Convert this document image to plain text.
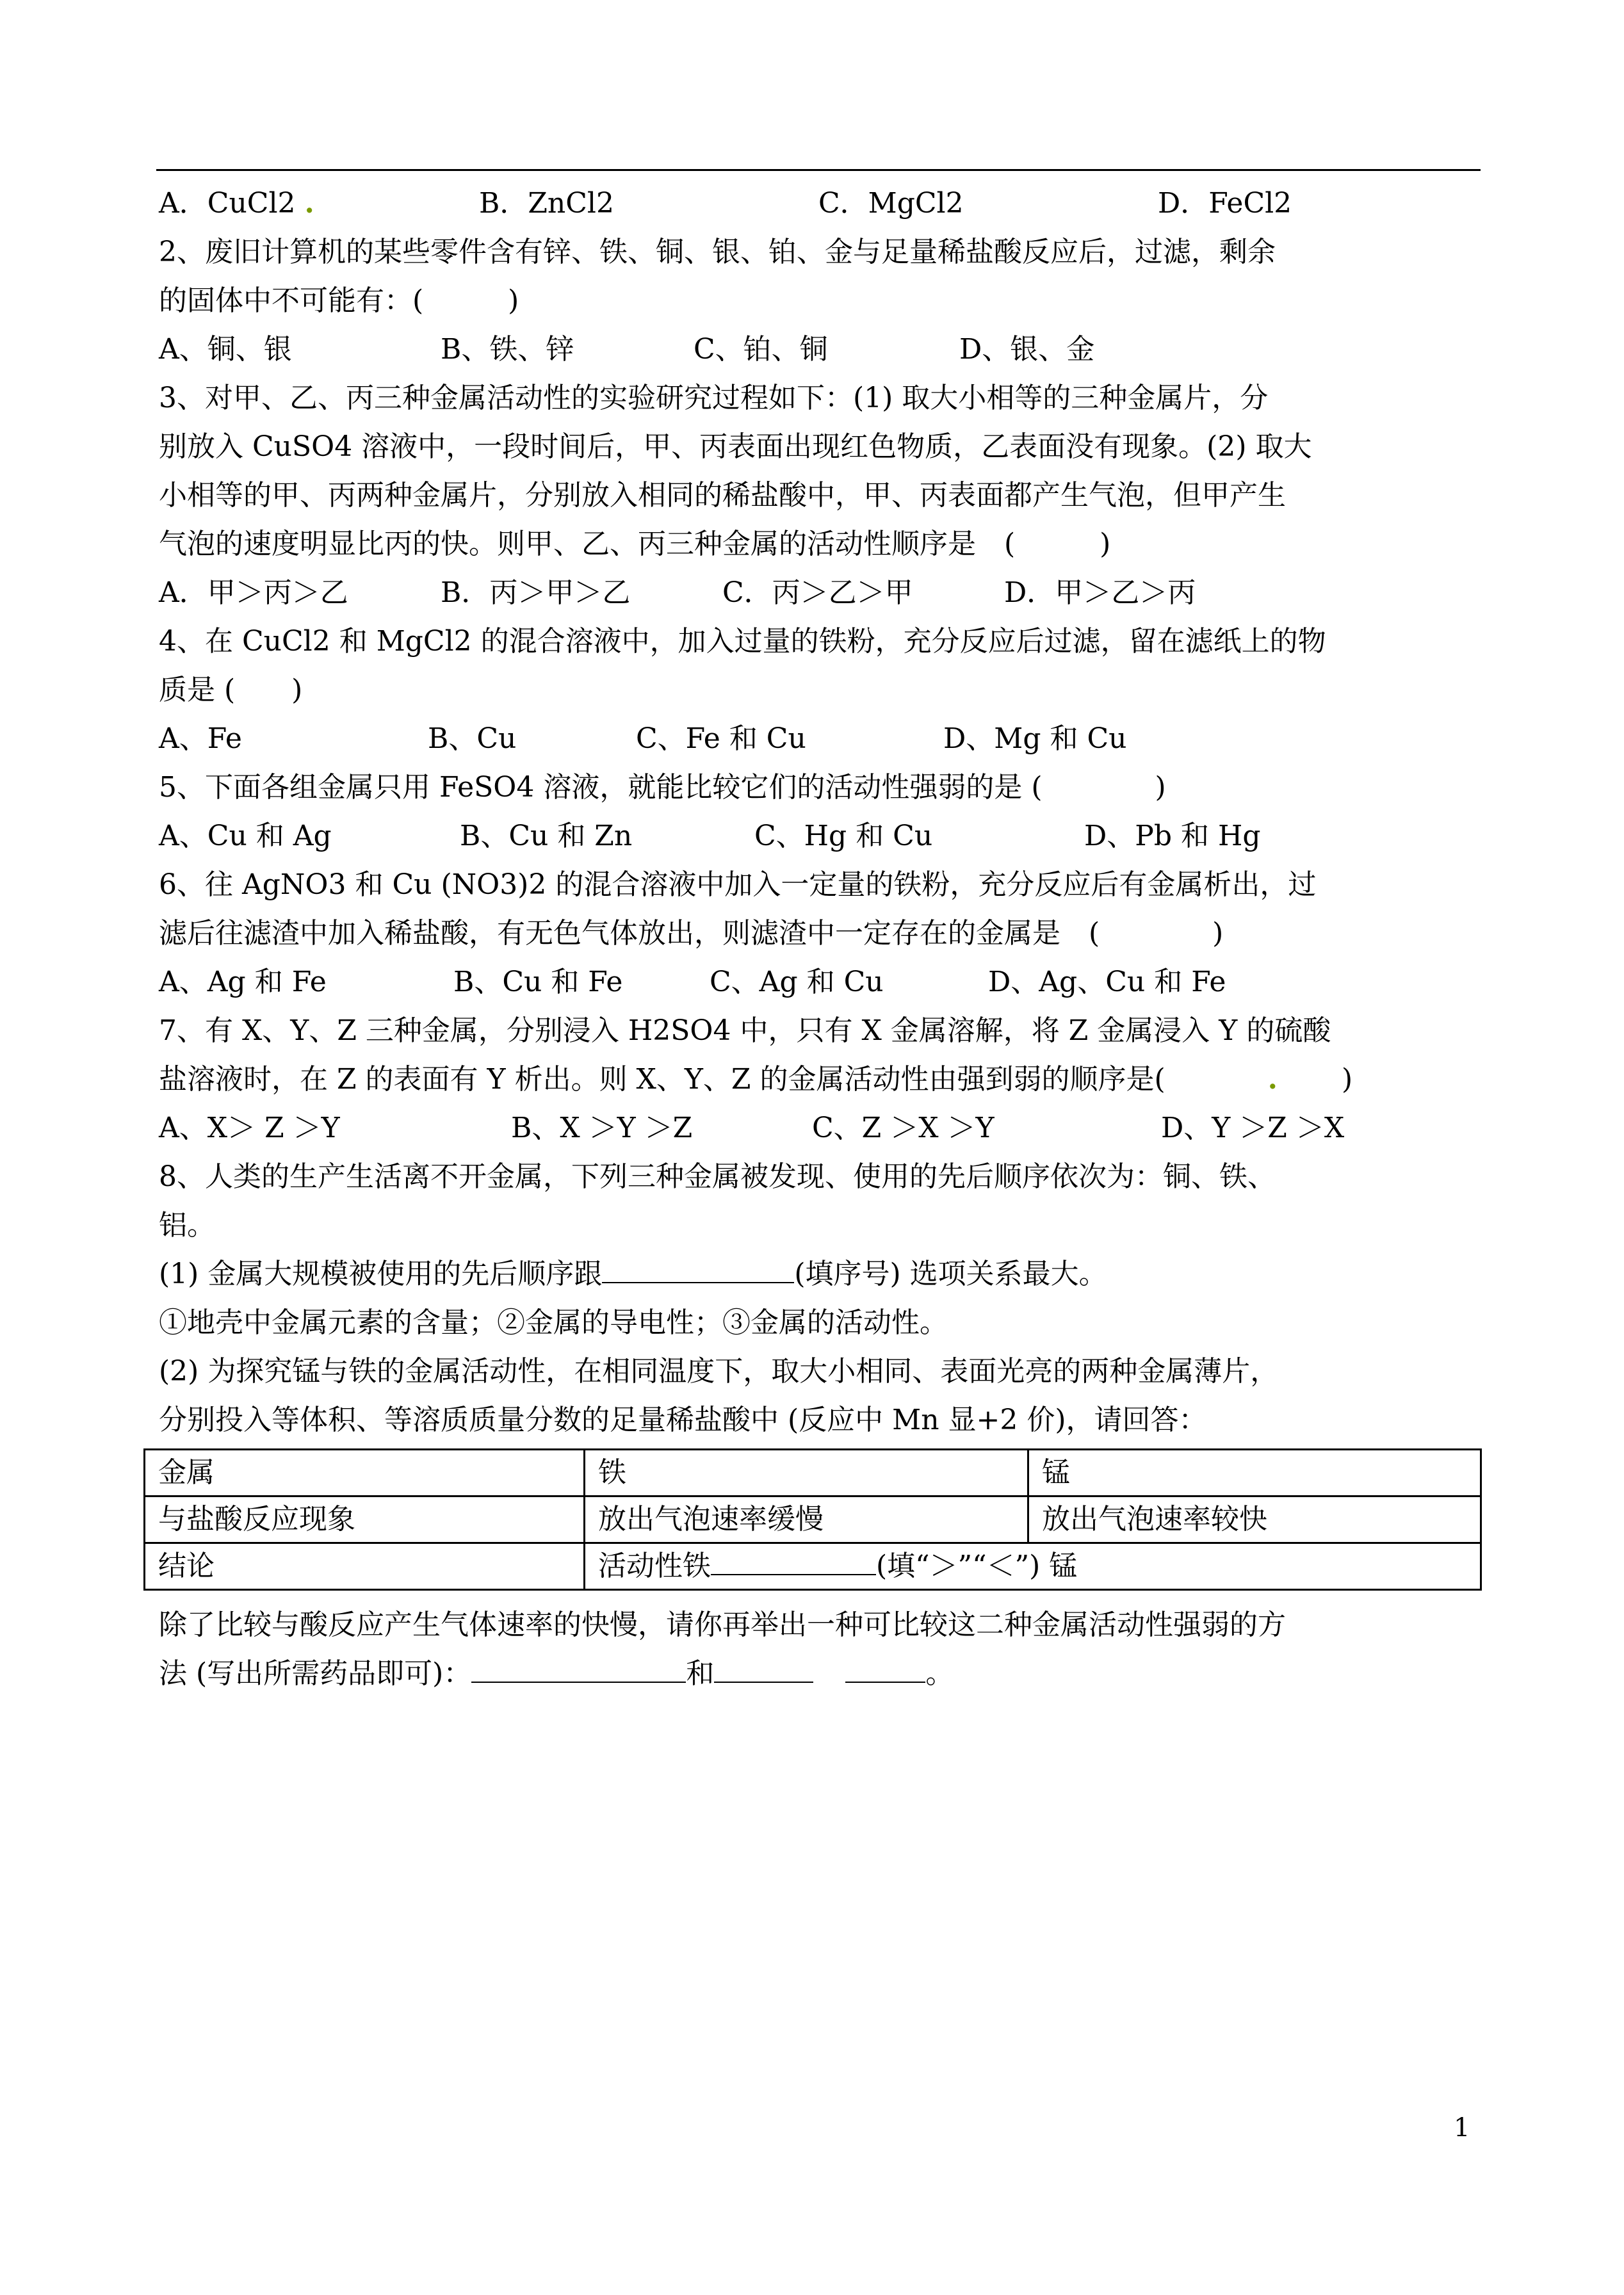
A．CuCl2 .	B．ZnCl2	C．MgCl2	D．FeCl2
2、废旧计算机的某些零件含有锌、铁、铜、银、铂、金与足量稀盐酸反应后，过滤，剩余
的固体中不可能有：(　　　)
A、铜、银	B、铁、锌	C、铂、铜	D、银、金
3、对甲、乙、丙三种金属活动性的实验研究过程如下：(1) 取大小相等的三种金属片，分
别放入 CuSO4 溶液中，一段时间后，甲、丙表面出现红色物质，乙表面没有现象。(2) 取大
小相等的甲、丙两种金属片，分别放入相同的稀盐酸中，甲、丙表面都产生气泡，但甲产生
气泡的速度明显比丙的快。则甲、乙、丙三种金属的活动性顺序是　(　　　)
A．甲＞丙＞乙	B．丙＞甲＞乙	C．丙＞乙＞甲	D．甲＞乙＞丙
4、在 CuCl2 和 MgCl2 的混合溶液中，加入过量的铁粉，充分反应后过滤，留在滤纸上的物
质是 (　　)
A、Fe	B、Cu	C、Fe 和 Cu	D、Mg 和 Cu
5、下面各组金属只用 FeSO4 溶液，就能比较它们的活动性强弱的是 (　　　　)
A、Cu 和 Ag	B、Cu 和 Zn	C、Hg 和 Cu	D、Pb 和 Hg
6、往 AgNO3 和 Cu (NO3)2 的混合溶液中加入一定量的铁粉，充分反应后有金属析出，过
滤后往滤渣中加入稀盐酸，有无色气体放出，则滤渣中一定存在的金属是　(　　　　)
A、Ag 和 Fe	B、Cu 和 Fe	C、Ag 和 Cu	D、Ag、Cu 和 Fe
7、有 X、Y、Z 三种金属，分别浸入 H2SO4 中，只有 X 金属溶解，将 Z 金属浸入 Y 的硫酸
盐溶液时，在 Z 的表面有 Y 析出。则 X、Y、Z 的金属活动性由强到弱的顺序是(	. )
A、X＞ Z ＞Y	B、X ＞Y ＞Z	C、Z ＞X ＞Y	D、Y ＞Z ＞X
8、人类的生产生活离不开金属，下列三种金属被发现、使用的先后顺序依次为：铜、铁、
铝。
(1) 金属大规模被使用的先后顺序跟	(填序号) 选项关系最大。
①地壳中金属元素的含量；②金属的导电性；③金属的活动性。
(2) 为探究锰与铁的金属活动性，在相同温度下，取大小相同、表面光亮的两种金属薄片，
分别投入等体积、等溶质质量分数的足量稀盐酸中 (反应中 Mn 显+2 价)，请回答：
金属	铁	锰
与盐酸反应现象	放出气泡速率缓慢	放出气泡速率较快
结论	活动性铁 (填“＞”“＜”) 锰	
除了比较与酸反应产生气体速率的快慢，请你再举出一种可比较这二种金属活动性强弱的方
法 (写出所需药品即可)：	和	。
1
